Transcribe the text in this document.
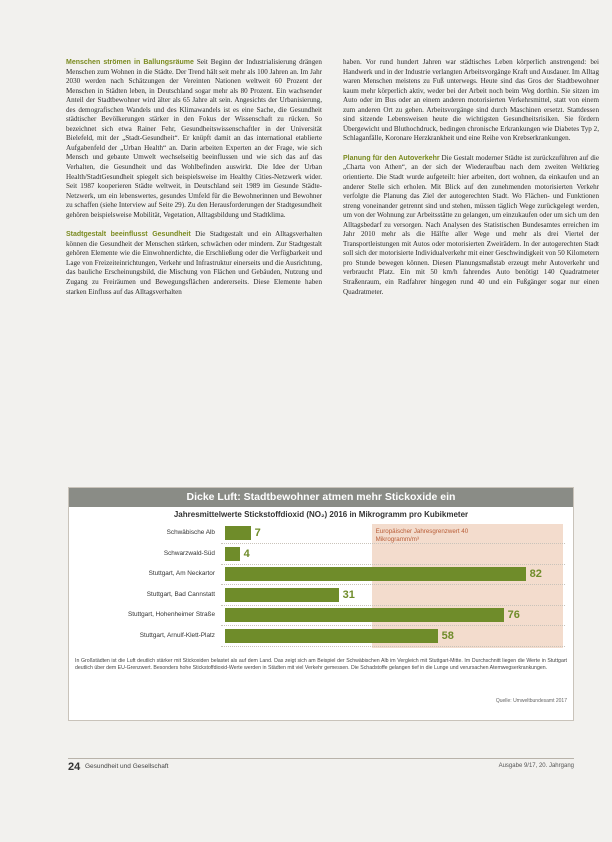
Menschen strömen in Ballungsräume Seit Beginn der Industrialisierung drängen Menschen zum Wohnen in die Städte. Der Trend hält seit mehr als 100 Jahren an. Im Jahr 2030 werden nach Schätzungen der Vereinten Nationen weltweit 60 Prozent der Menschen in Städten leben, in Deutschland sogar mehr als 80 Prozent. Ein wachsender Anteil der Stadtbewohner wird älter als 65 Jahre alt sein. Angesichts der Urbanisierung, des demografischen Wandels und des Klimawandels ist es eine Sache, die Gesundheit städtischer Bevölkerungen stärker in den Fokus der Wissenschaft zu rücken. So bezeichnet sich etwa Rainer Fehr, Gesundheitswissenschaftler in der Universität Bielefeld, mit der „Stadt-Gesundheit“. Er knüpft damit an das international etablierte Aufgabenfeld der „Urban Health“ an. Darin arbeiten Experten an der Frage, wie sich Mensch und gebaute Umwelt wechselseitig beeinflussen und wie sich das auf das Verhalten, die Gesundheit und das Wohlbefinden auswirkt. Die Idee der Urban Health/StadtGesundheit spiegelt sich beispielsweise im Healthy Cities-Netzwerk wider. Seit 1987 kooperieren Städte weltweit, in Deutschland seit 1989 im Gesunde Städte-Netzwerk, um ein lebenswertes, gesundes Umfeld für die Bewohnerinnen und Bewohner zu schaffen (siehe Interview auf Seite 29). Zu den Herausforderungen der Stadtgesundheit gehören beispielsweise Mobilität, Vegetation, Alltagsbildung und Stadtklima.

Stadtgestalt beeinflusst Gesundheit Die Stadtgestalt und ein Alltagsverhalten können die Gesundheit der Menschen stärken, schwächen oder mindern. Zur Stadtgestalt gehören Elemente wie die Einwohnerdichte, die Erschließung oder die Verfügbarkeit und Lage von Freizeiteinrichtungen, Verkehr und Infrastruktur einerseits und die Ausrichtung, das bauliche Erscheinungsbild, die Mischung von Flächen und Gebäuden, Nutzung und Zugang zu Freiräumen und Bewegungsflächen andererseits. Diese Elemente haben starken Einfluss auf das Alltagsverhalten

haben. Vor rund hundert Jahren war städtisches Leben körperlich anstrengend: bei Handwerk und in der Industrie verlangten Arbeitsvorgänge Kraft und Ausdauer. Im Alltag waren Menschen meistens zu Fuß unterwegs. Heute sind das Gros der Stadtbewohner kaum mehr körperlich aktiv, weder bei der Arbeit noch beim Weg dorthin. Sie sitzen im Auto oder im Bus oder an einem anderen motorisierten Verkehrsmittel, statt von einem zum anderen Ort zu gehen. Arbeitsvorgänge sind durch Maschinen ersetzt. Stattdessen sind sitzende Lebensweisen heute die wichtigsten Gesundheitsrisiken. Sie fördern Übergewicht und Bluthochdruck, bedingen chronische Erkrankungen wie Diabetes Typ 2, Schlaganfälle, Koronare Herzkrankheit und eine Reihe von Krebserkrankungen.

Planung für den Autoverkehr Die Gestalt moderner Städte ist zurückzuführen auf die „Charta von Athen“, an der sich der Wiederaufbau nach dem zweiten Weltkrieg orientierte. Die Stadt wurde aufgeteilt: hier arbeiten, dort wohnen, da einkaufen und an anderer Stelle sich erholen. Mit Blick auf den zunehmenden motorisierten Verkehr verfolgte die Planung das Ziel der autogerechten Stadt. Wo Flächen- und Funktionen streng voneinander getrennt sind und stehen, müssen täglich Wege zurückgelegt werden, um von der Wohnung zur Arbeitsstätte zu gelangen, um einzukaufen oder um sich um den Alltagsbedarf zu versorgen. Nach Analysen des Statistischen Bundesamtes erreichen im Jahr 2010 mehr als die Hälfte aller Wege und mehr als drei Viertel der Transportleistungen mit Autos oder motorisierten Zweirädern. In der autogerechten Stadt soll sich der motorisierte Individualverkehr mit einer Geschwindigkeit von 50 Kilometern pro Stunde bewegen können. Diesen Planungsmaßstab erzeugt mehr Autoverkehr und verbraucht Platz. Ein mit 50 km/h fahrendes Auto benötigt 140 Quadratmeter Straßenraum, ein Radfahrer hingegen rund 40 und ein Fußgänger sogar nur einen Quadratmeter.

Dicke Luft: Stadtbewohner atmen mehr Stickoxide ein
Jahresmittelwerte Stickstoffdioxid (NO₂) 2016 in Mikrogramm pro Kubikmeter
Europäischer Jahresgrenzwert 40 Mikrogramm/m³
Schwäbische Alb
Schwarzwald-Süd
Stuttgart, Am Neckartor
Stuttgart, Bad Cannstatt
Stuttgart, Hohenheimer Straße
Stuttgart, Arnulf-Klett-Platz
7
4
82
31
76
58
In Großstädten ist die Luft deutlich stärker mit Stickoxiden belastet als auf dem Land. Das zeigt sich am Beispiel der Schwäbischen Alb im Vergleich mit Stuttgart-Mitte. Im Durchschnitt liegen die Werte in Stuttgart deutlich über dem EU-Grenzwert. Besonders hohe Stickstoffdioxid-Werte werden in Städten mit viel Verkehr gemessen. Die Schadstoffe gelangen tief in die Lunge und verursachen Atemwegserkrankungen.
Quelle: Umweltbundesamt 2017
24 Gesundheit und Gesellschaft	Ausgabe 9/17, 20. Jahrgang
